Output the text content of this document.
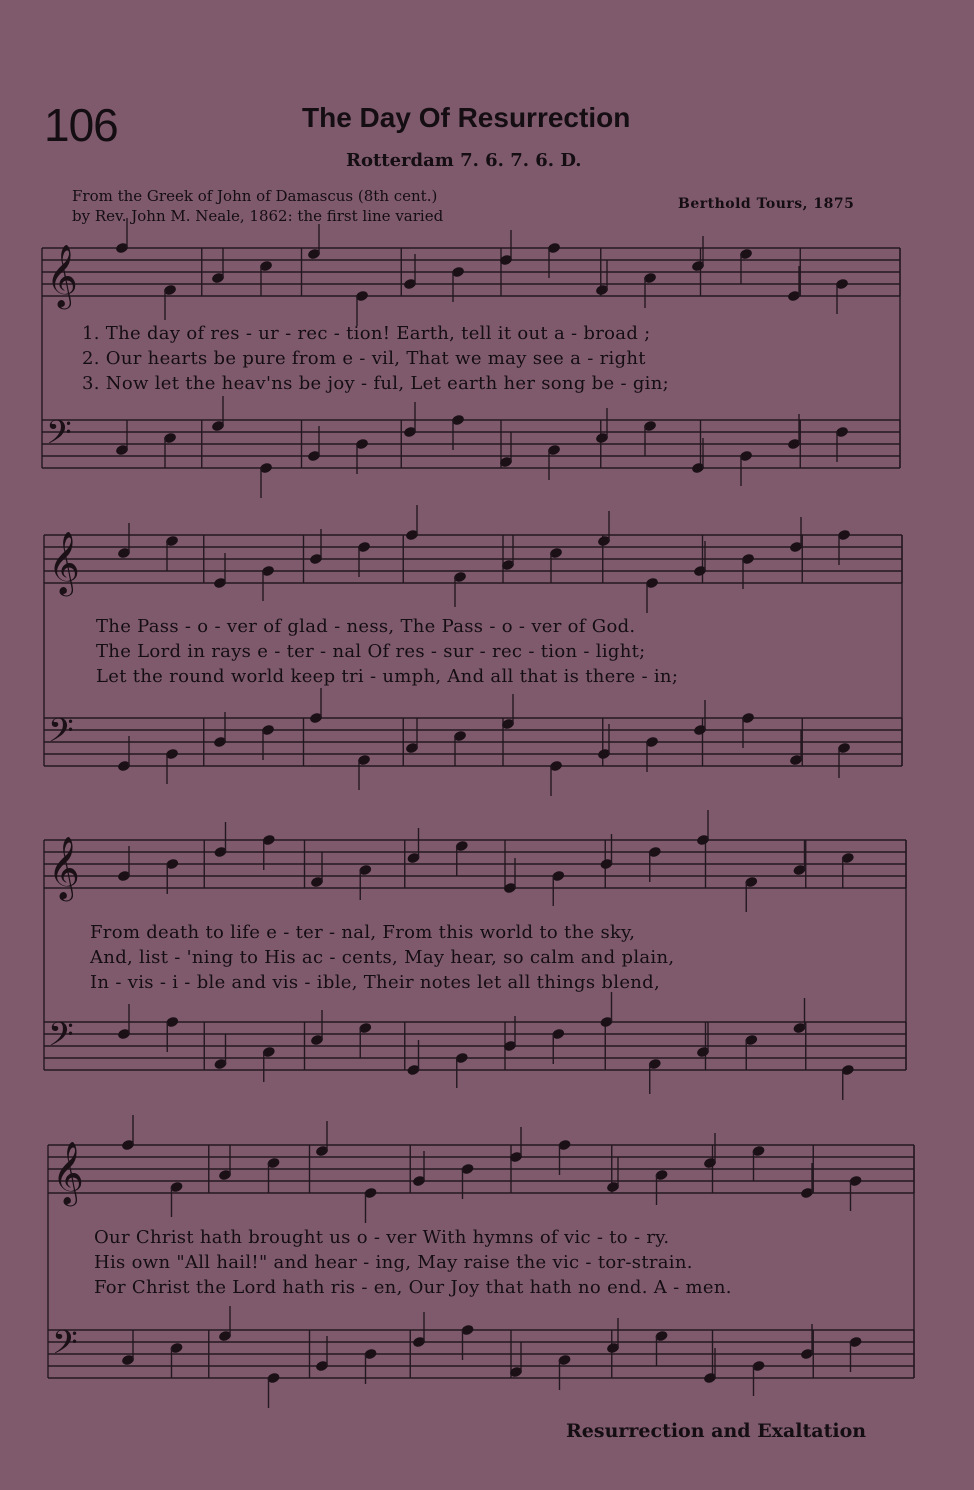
106	The Day Of Resurrection
Rotterdam 7. 6. 7. 6. D.
From the Greek of John of Damascus (8th cent.)
by Rev. John M. Neale, 1862: the first line varied
Berthold Tours, 1875
𝄞
𝄢
𝄞
𝄢
𝄞
𝄢
𝄞
𝄢
1. The day of res - ur - rec - tion! Earth, tell it out a - broad ;
2. Our hearts be pure from e - vil, That we may see a - right
3. Now let the heav'ns be joy - ful, Let earth her song be - gin;
The Pass - o - ver of glad - ness, The Pass - o - ver of God.
The Lord in rays e - ter - nal Of res - sur - rec - tion - light;
Let the round world keep tri - umph, And all that is there - in;
From death to life e - ter - nal, From this world to the sky,
And, list - 'ning to His ac - cents, May hear, so calm and plain,
In - vis - i - ble and vis - ible, Their notes let all things blend,
Our Christ hath brought us o - ver With hymns of vic - to - ry.
His own "All hail!" and hear - ing, May raise the vic - tor-strain.
For Christ the Lord hath ris - en, Our Joy that hath no end. A - men.
Resurrection and Exaltation
